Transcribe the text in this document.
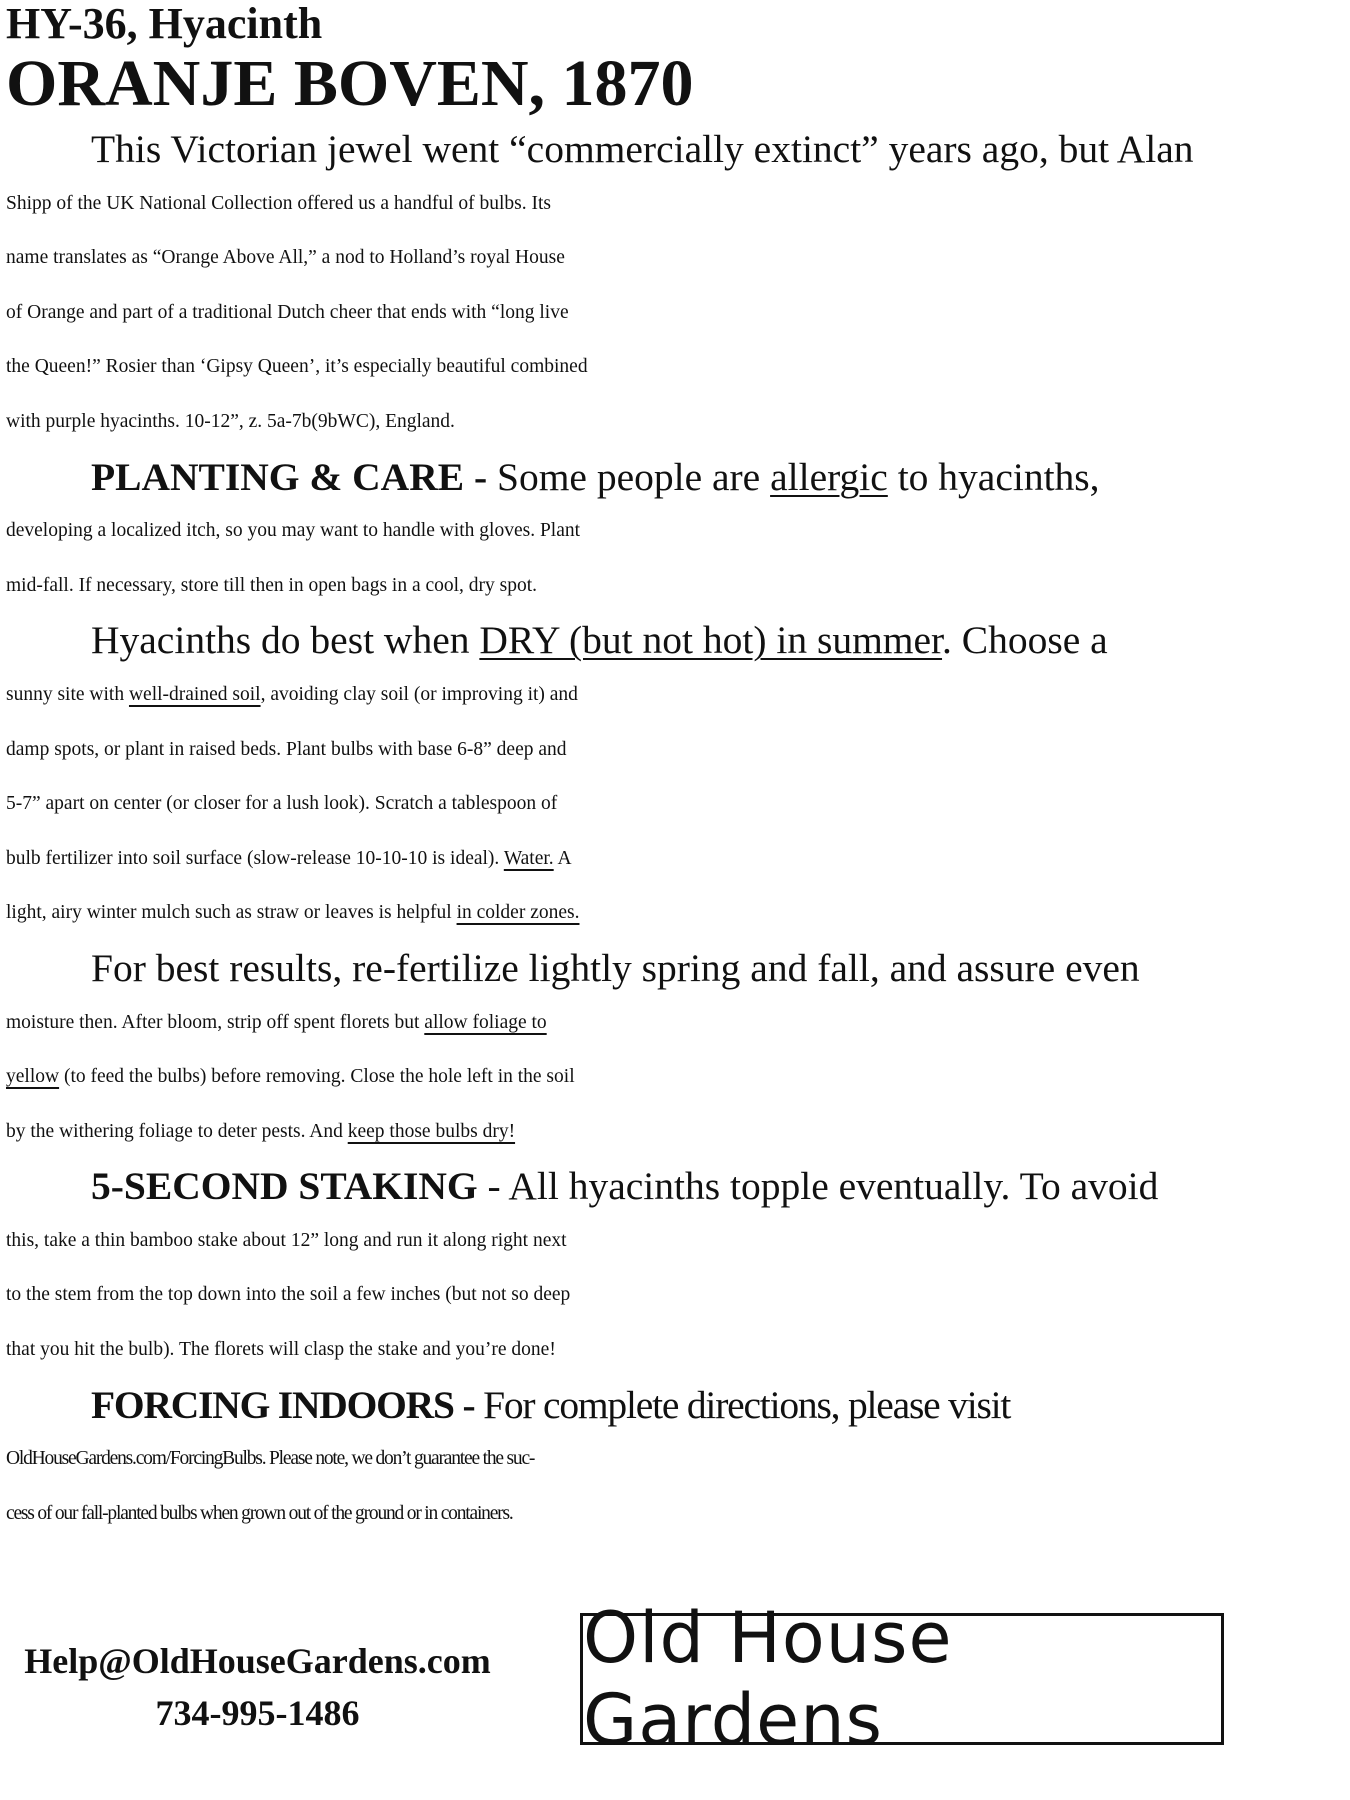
HY-36, Hyacinth
ORANJE BOVEN, 1870

This Victorian jewel went “commercially extinct” years ago, but Alan
Shipp of the UK National Collection offered us a handful of bulbs. Its
name translates as “Orange Above All,” a nod to Holland’s royal House
of Orange and part of a traditional Dutch cheer that ends with “long live
the Queen!” Rosier than ‘Gipsy Queen’, it’s especially beautiful combined
with purple hyacinths. 10-12”, z. 5a-7b(9bWC), England.

PLANTING & CARE - Some people are allergic to hyacinths,
developing a localized itch, so you may want to handle with gloves. Plant
mid-fall. If necessary, store till then in open bags in a cool, dry spot.

Hyacinths do best when DRY (but not hot) in summer. Choose a
sunny site with well-drained soil, avoiding clay soil (or improving it) and
damp spots, or plant in raised beds. Plant bulbs with base 6-8” deep and
5-7” apart on center (or closer for a lush look). Scratch a tablespoon of
bulb fertilizer into soil surface (slow-release 10-10-10 is ideal). Water. A
light, airy winter mulch such as straw or leaves is helpful in colder zones.

For best results, re-fertilize lightly spring and fall, and assure even
moisture then. After bloom, strip off spent florets but allow foliage to
yellow (to feed the bulbs) before removing. Close the hole left in the soil
by the withering foliage to deter pests. And keep those bulbs dry!

5-SECOND STAKING - All hyacinths topple eventually. To avoid
this, take a thin bamboo stake about 12” long and run it along right next
to the stem from the top down into the soil a few inches (but not so deep
that you hit the bulb). The florets will clasp the stake and you’re done!

FORCING INDOORS - For complete directions, please visit
OldHouseGardens.com/ForcingBulbs. Please note, we don’t guarantee the suc-
cess of our fall-planted bulbs when grown out of the ground or in containers.

Help@OldHouseGardens.com
734-995-1486
Old House Gardens
